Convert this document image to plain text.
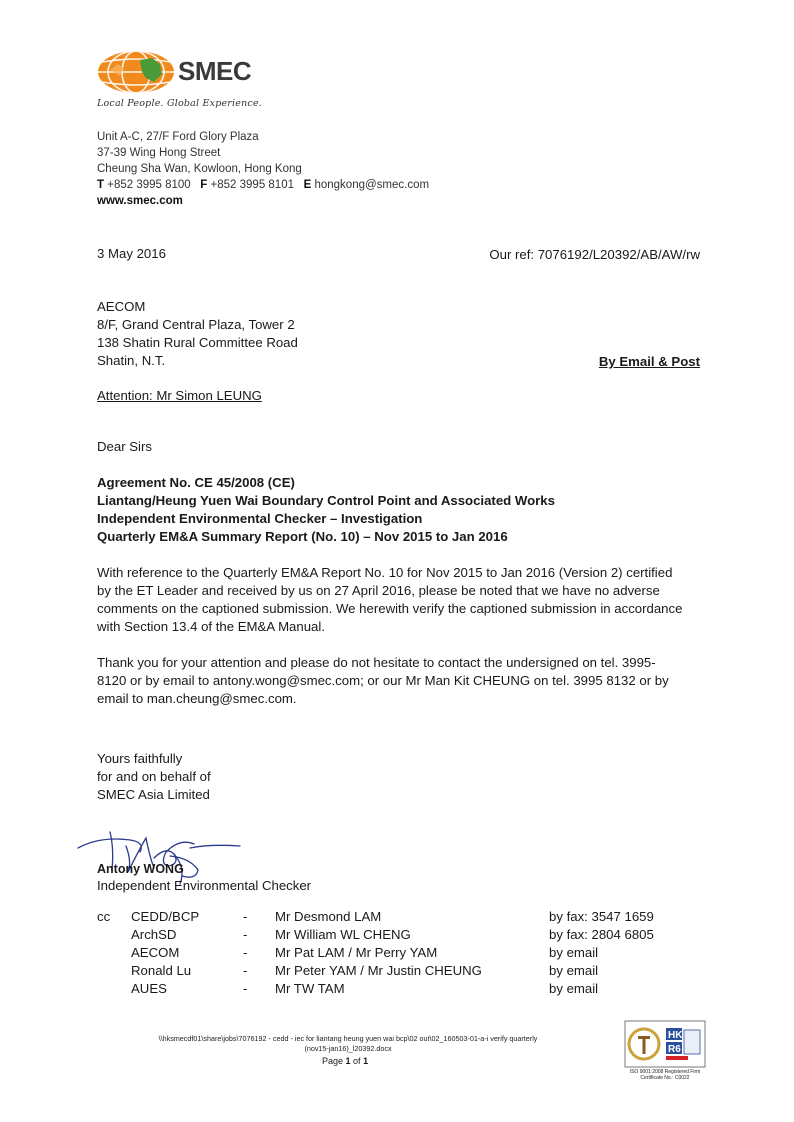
SMEC
Local People. Global Experience.
Unit A-C, 27/F Ford Glory Plaza
37-39 Wing Hong Street
Cheung Sha Wan, Kowloon, Hong Kong
T +852 3995 8100 F +852 3995 8101 E hongkong@smec.com
www.smec.com
3 May 2016	Our ref: 7076192/L20392/AB/AW/rw
AECOM
8/F, Grand Central Plaza, Tower 2
138 Shatin Rural Committee Road
Shatin, N.T.	By Email & Post
Attention: Mr Simon LEUNG
Dear Sirs
Agreement No. CE 45/2008 (CE)
Liantang/Heung Yuen Wai Boundary Control Point and Associated Works
Independent Environmental Checker – Investigation
Quarterly EM&A Summary Report (No. 10) – Nov 2015 to Jan 2016
With reference to the Quarterly EM&A Report No. 10 for Nov 2015 to Jan 2016 (Version 2) certified
by the ET Leader and received by us on 27 April 2016, please be noted that we have no adverse
comments on the captioned submission. We herewith verify the captioned submission in accordance
with Section 13.4 of the EM&A Manual.
Thank you for your attention and please do not hesitate to contact the undersigned on tel. 3995-
8120 or by email to antony.wong@smec.com; or our Mr Man Kit CHEUNG on tel. 3995 8132 or by
email to man.cheung@smec.com.
Yours faithfully
for and on behalf of
SMEC Asia Limited
Antony WONG
Independent Environmental Checker
cc CEDD/BCP	- Mr Desmond LAM	by fax: 3547 1659
ArchSD	- Mr William WL CHENG	by fax: 2804 6805
AECOM	- Mr Pat LAM / Mr Perry YAM	by email
Ronald Lu	- Mr Peter YAM / Mr Justin CHEUNG	by email
AUES	- Mr TW TAM	by email
\\hksmecdf01\share\jobs\7076192 - cedd - iec for liantang heung yuen wai bcp\02 out\02_160503-01-a-i verify quarterly
(nov15-jan16)_l20392.docx
Page 1 of 1
HK
R6
ISO 9001:2008 Registered Firm
Certificate No.: C0022
